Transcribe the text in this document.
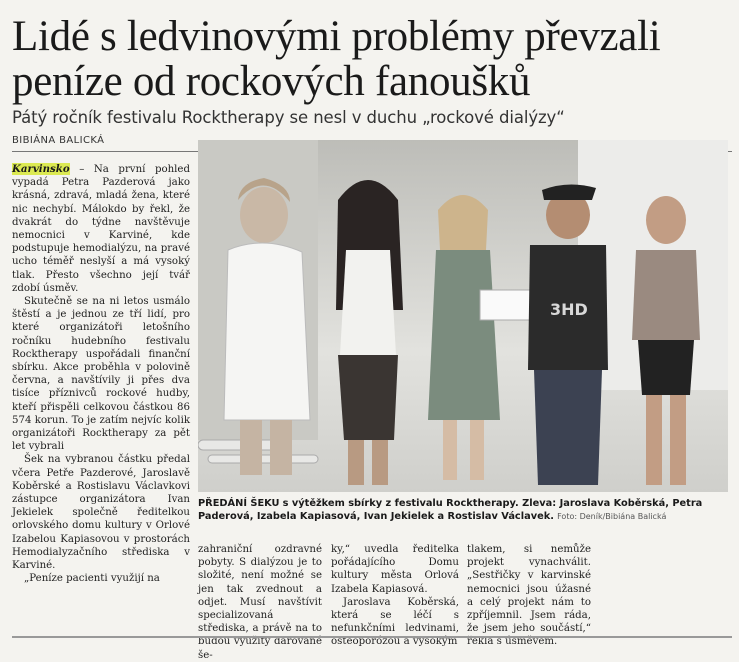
Lidé s ledvinovými problémy převzali
peníze od rockových fanoušků
Pátý ročník festivalu Rocktherapy se nesl v duchu „rockové dialýzy“
BIBIÁNA BALICKÁ

Karvinsko – Na první pohled vypadá Petra Pazderová jako krásná, zdravá, mladá žena, které nic nechybí. Málokdo by řekl, že dvakrát do týdne navštěvuje nemocnici v Karviné, kde podstupuje hemodialýzu, na pravé ucho téměř neslyší a má vysoký tlak. Přesto všechno její tvář zdobí úsměv.

Skutečně se na ni letos usmálo štěstí a je jednou ze tří lidí, pro které organizátoři letošního ročníku hudebního festivalu Rocktherapy uspořádali finanční sbírku. Akce proběhla v polovině června, a navštívily ji přes dva tisíce příznivců rockové hudby, kteří přispěli celkovou částkou 86 574 korun. To je zatím nejvíc kolik organizátoři Rocktherapy za pět let vybrali

Šek na vybranou částku předal včera Petře Pazderové, Jaroslavě Koběrské a Rostislavu Václavkovi zástupce organizátora Ivan Jekielek společně ředitelkou orlovského domu kultury v Orlové Izabelou Kapiasovou v prostorách Hemodialyzačního střediska v Karviné.

„Peníze pacienti využijí na

3HD
PŘEDÁNÍ ŠEKU s výtěžkem sbírky z festivalu Rocktherapy. Zleva: Jaroslava Koběrská, Petra Paderová, Izabela Kapiasová, Ivan Jekielek a Rostislav Václavek. Foto: Deník/Bibiána Balická

zahraniční ozdravné pobyty. S dialýzou je to složité, není možné se jen tak zvednout a odjet. Musí navštívit specializovaná střediska, a právě na to budou využity darované še-

ky,“ uvedla ředitelka pořádajícího Domu kultury města Orlová Izabela Kapiasová.

Jaroslava Koběrská, která se léčí s nefunkčními ledvinami, osteoporózou a vysokým

tlakem, si nemůže projekt vynachválit. „Sestřičky v karvinské nemocnici jsou úžasné a celý projekt nám to zpříjemnil. Jsem ráda, že jsem jeho součástí,“ řekla s úsměvem.
